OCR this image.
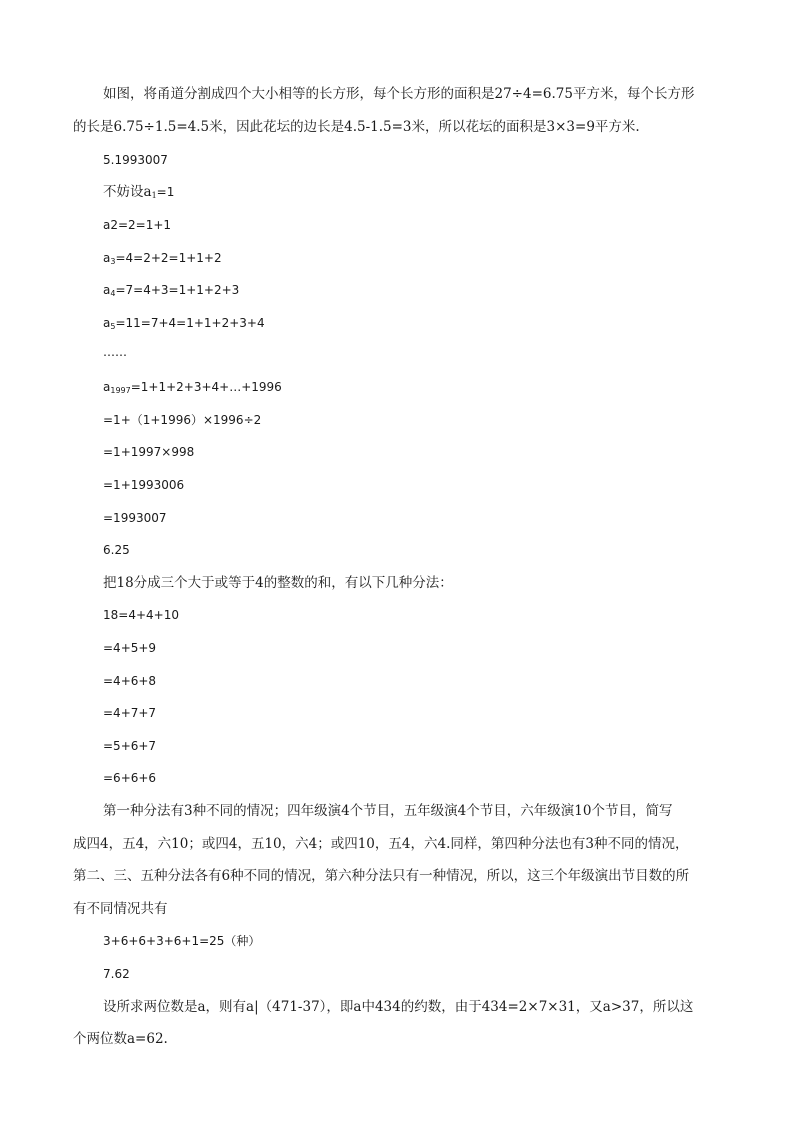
如图，将甬道分割成四个大小相等的长方形，每个长方形的面积是27÷4=6.75平方米，每个长方形
的长是6.75÷1.5=4.5米，因此花坛的边长是4.5-1.5=3米，所以花坛的面积是3×3=9平方米.
5.1993007
不妨设$a_1=1$
a2=2=1+1
$a_3=4=2+2=1+1+2$
$a_4=7=4+3=1+1+2+3$
$a_5=11=7+4=1+1+2+3+4$
……
$a_{1997}=1+1+2+3+4+\dots+1996$
=1+（1+1996）×1996÷2
=1+1997×998
=1+1993006
=1993007
6.25
把18分成三个大于或等于4的整数的和，有以下几种分法：
18=4+4+10
=4+5+9
=4+6+8
=4+7+7
=5+6+7
=6+6+6
第一种分法有3种不同的情况；四年级演4个节目，五年级演4个节目，六年级演10个节目，简写
成四4，五4，六10；或四4，五10，六4；或四10，五4，六4.同样，第四种分法也有3种不同的情况，
第二、三、五种分法各有6种不同的情况，第六种分法只有一种情况，所以，这三个年级演出节目数的所
有不同情况共有
3+6+6+3+6+1=25（种）
7.62
设所求两位数是a，则有a|（471-37），即a中434的约数，由于434=2×7×31，又a>37，所以这
个两位数a=62.
